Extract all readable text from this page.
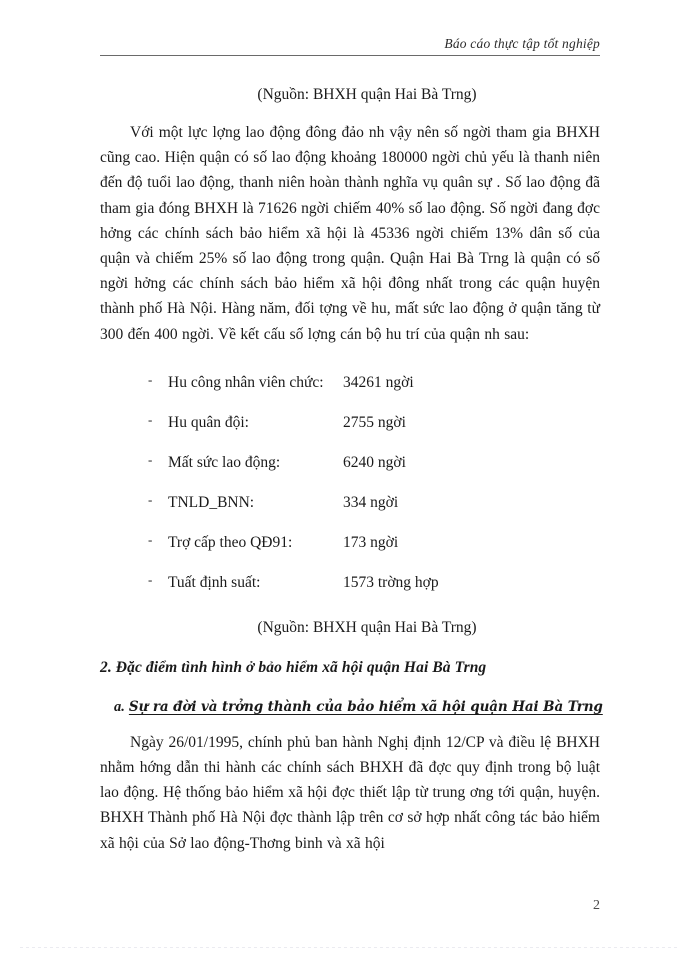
Báo cáo thực tập tốt nghiệp
(Nguồn: BHXH quận Hai Bà Trng)

Với một lực lợng lao động đông đảo nh vậy nên số ngời tham gia BHXH cũng cao. Hiện quận có số lao động khoảng 180000 ngời chủ yếu là thanh niên đến độ tuổi lao động, thanh niên hoàn thành nghĩa vụ quân sự . Số lao động đã tham gia đóng BHXH là 71626 ngời chiếm 40% số lao động. Số ngời đang đợc hởng các chính sách bảo hiểm xã hội là 45336 ngời chiếm 13% dân số của quận và chiếm 25% số lao động trong quận. Quận Hai Bà Trng là quận có số ngời hởng các chính sách bảo hiểm xã hội đông nhất trong các quận huyện thành phố Hà Nội. Hàng năm, đối tợng về hu, mất sức lao động ở quận tăng từ 300 đến 400 ngời. Về kết cấu số lợng cán bộ hu trí của quận nh sau:

-	Hu công nhân viên chức:	34261 ngời
-	Hu quân đội:	2755 ngời
-	Mất sức lao động:	6240 ngời
-	TNLD_BNN:	334 ngời
-	Trợ cấp theo QĐ91:	173 ngời
-	Tuất định suất:	1573 trờng hợp
(Nguồn: BHXH quận Hai Bà Trng)
2. Đặc điểm tình hình ở bảo hiểm xã hội quận Hai Bà Trng
a. Sự ra đời và trởng thành của bảo hiểm xã hội quận Hai Bà Trng

Ngày 26/01/1995, chính phủ ban hành Nghị định 12/CP và điều lệ BHXH nhằm hớng dẫn thi hành các chính sách BHXH đã đợc quy định trong bộ luật lao động. Hệ thống bảo hiểm xã hội đợc thiết lập từ trung ơng tới quận, huyện. BHXH Thành phố Hà Nội đợc thành lập trên cơ sở hợp nhất công tác bảo hiểm xã hội của Sở lao động-Thơng binh và xã hội

2
